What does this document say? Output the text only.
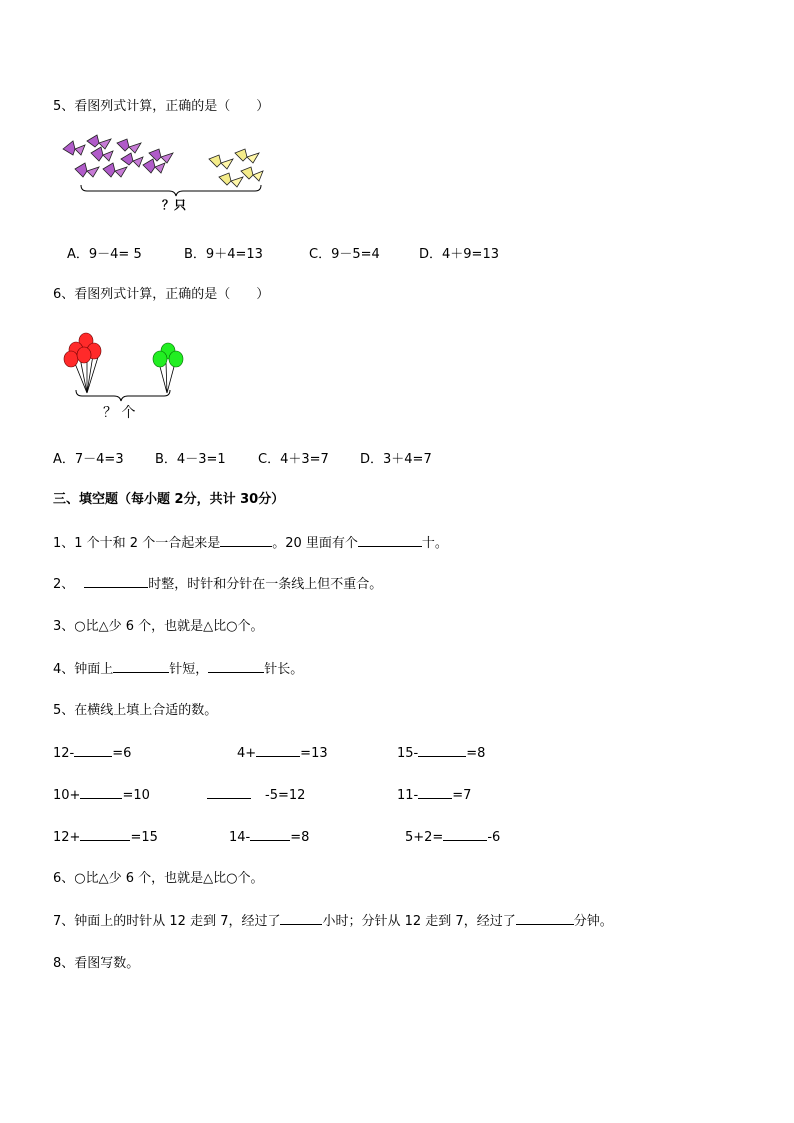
5、看图列式计算，正确的是（　　）
？只
A．9－4= 5	B．9＋4=13	C．9－5=4	D．4＋9=13
6、看图列式计算，正确的是（　　）
？ 个
A．7－4=3 B．4－3=1 C．4＋3=7 D．3＋4=7
三、填空题（每小题 2分，共计 30分）
1、1 个十和 2 个一合起来是	。20 里面有个	十。
2、	时整，时针和分针在一条线上但不重合。
3、○比△少 6 个，也就是△比○个。
4、钟面上	针短，	针长。
5、在横线上填上合适的数。
12-	=6	4+	=13	15-	=8
10+	=10	-5=12	11-	=7
12+	=15	14-	=8	5+2=	-6
6、○比△少 6 个，也就是△比○个。
7、钟面上的时针从 12 走到 7，经过了	小时；分针从 12 走到 7，经过了	分钟。
8、看图写数。
